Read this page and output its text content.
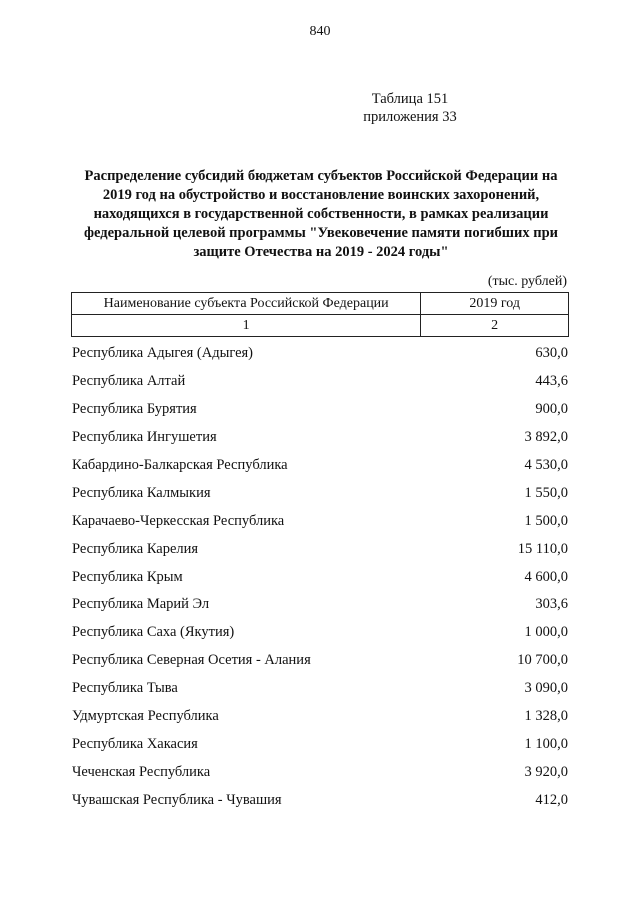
840
Таблица 151
приложения 33
Распределение субсидий бюджетам субъектов Российской Федерации на
2019 год на обустройство и восстановление воинских захоронений,
находящихся в государственной собственности, в рамках реализации
федеральной целевой программы "Увековечение памяти погибших при
защите Отечества на 2019 - 2024 годы"
(тыс. рублей)
Наименование субъекта Российской Федерации	2019 год
1	2
Республика Адыгея (Адыгея)	630,0
Республика Алтай	443,6
Республика Бурятия	900,0
Республика Ингушетия	3 892,0
Кабардино-Балкарская Республика	4 530,0
Республика Калмыкия	1 550,0
Карачаево-Черкесская Республика	1 500,0
Республика Карелия	15 110,0
Республика Крым	4 600,0
Республика Марий Эл	303,6
Республика Саха (Якутия)	1 000,0
Республика Северная Осетия - Алания	10 700,0
Республика Тыва	3 090,0
Удмуртская Республика	1 328,0
Республика Хакасия	1 100,0
Чеченская Республика	3 920,0
Чувашская Республика - Чувашия	412,0
